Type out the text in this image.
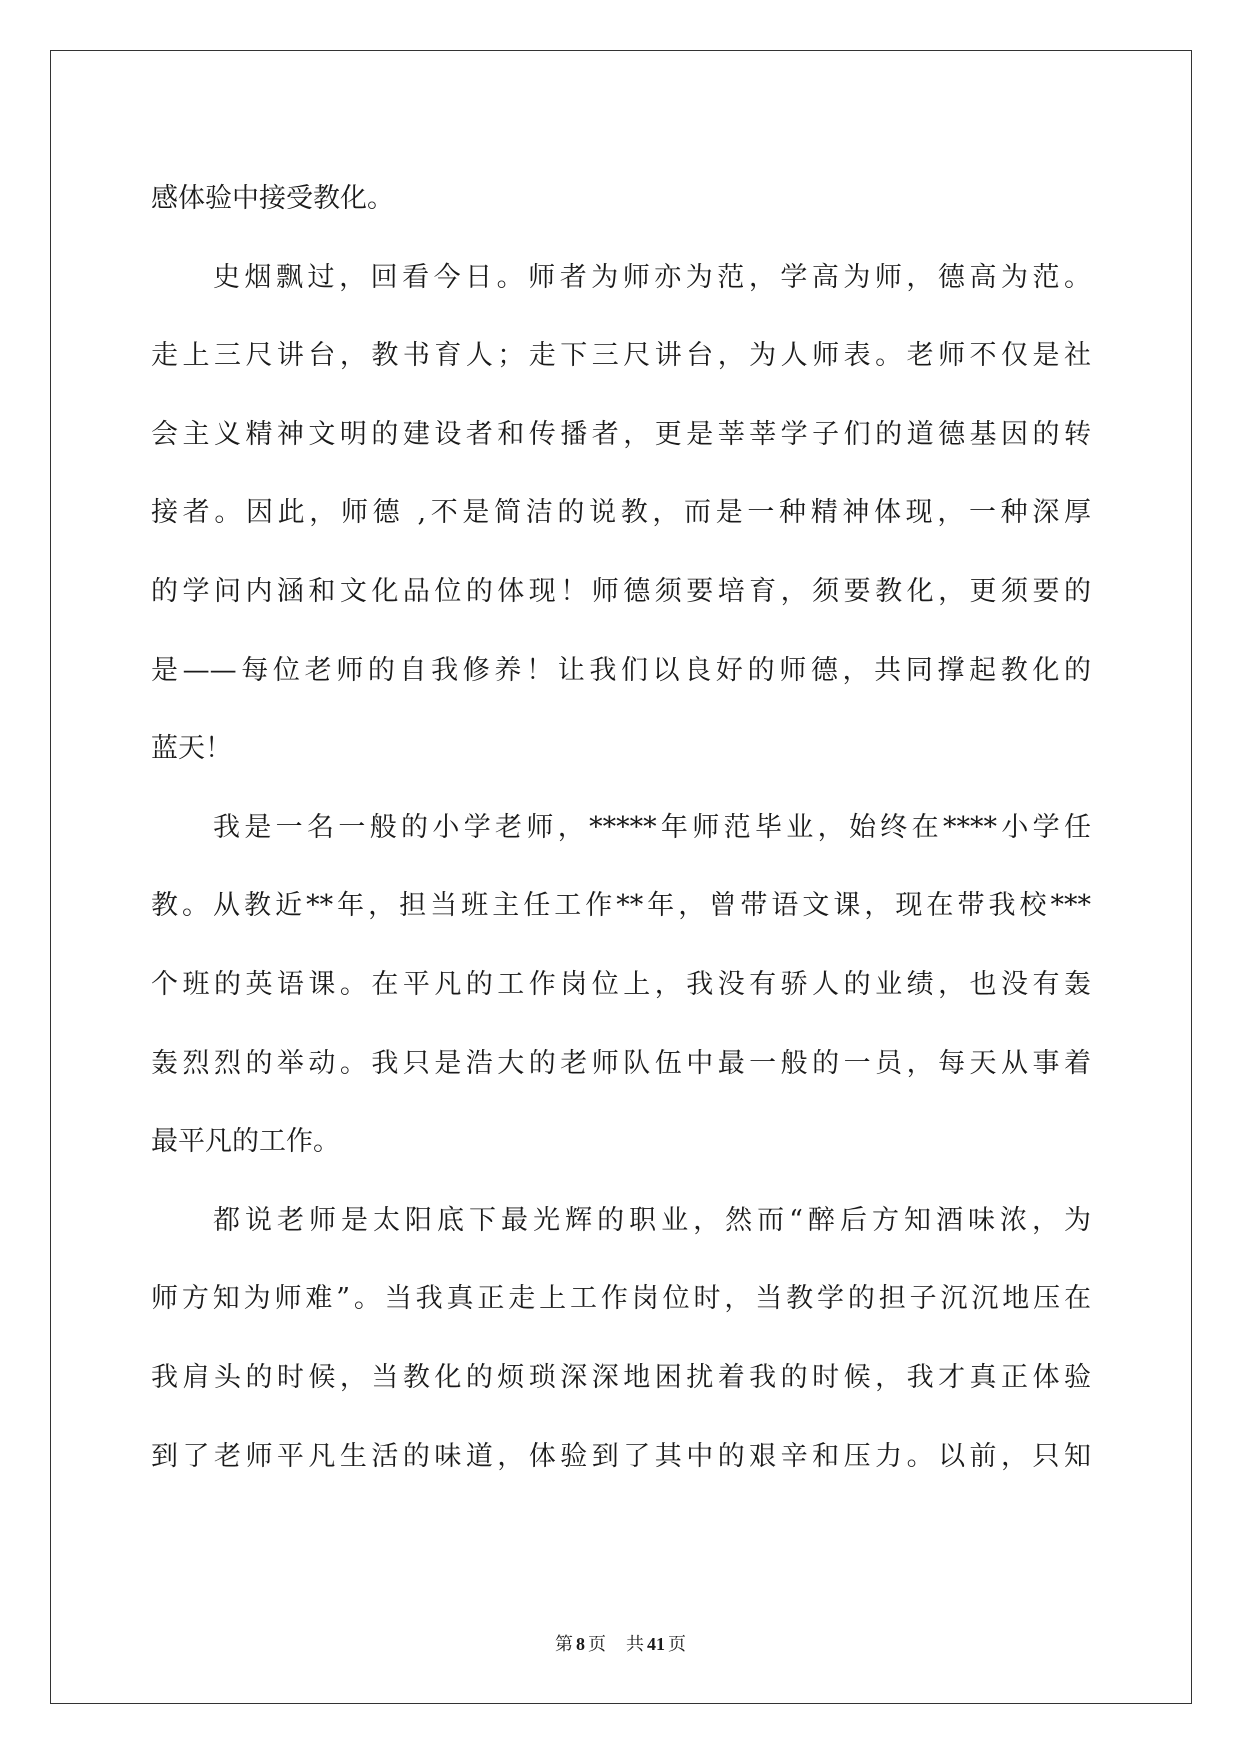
感体验中接受教化。
史烟飘过，回看今日。师者为师亦为范，学高为师，德高为范。
走上三尺讲台，教书育人；走下三尺讲台，为人师表。老师不仅是社
会主义精神文明的建设者和传播者，更是莘莘学子们的道德基因的转
接者。因此，师德 ,不是简洁的说教，而是一种精神体现，一种深厚
的学问内涵和文化品位的体现！师德须要培育，须要教化，更须要的
是——每位老师的自我修养！让我们以良好的师德，共同撑起教化的
蓝天！
我是一名一般的小学老师，*****年师范毕业，始终在****小学任
教。从教近**年，担当班主任工作**年，曾带语文课，现在带我校***
个班的英语课。在平凡的工作岗位上，我没有骄人的业绩，也没有轰
轰烈烈的举动。我只是浩大的老师队伍中最一般的一员，每天从事着
最平凡的工作。
都说老师是太阳底下最光辉的职业，然而“醉后方知酒味浓，为
师方知为师难”。当我真正走上工作岗位时，当教学的担子沉沉地压在
我肩头的时候，当教化的烦琐深深地困扰着我的时候，我才真正体验
到了老师平凡生活的味道，体验到了其中的艰辛和压力。以前，只知
第 8 页 共 41 页
